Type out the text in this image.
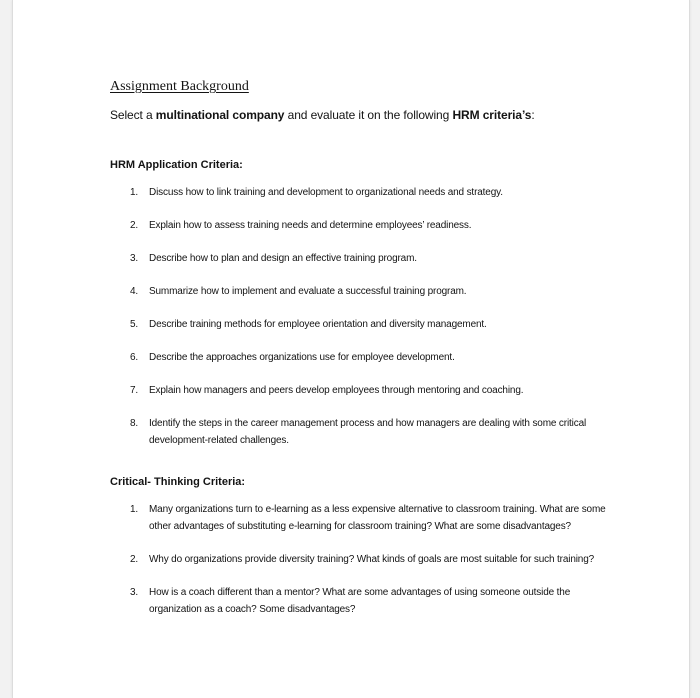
Assignment Background

Select a multinational company and evaluate it on the following HRM criteria’s:

HRM Application Criteria:
1. Discuss how to link training and development to organizational needs and strategy.
2. Explain how to assess training needs and determine employees’ readiness.
3. Describe how to plan and design an effective training program.
4. Summarize how to implement and evaluate a successful training program.
5. Describe training methods for employee orientation and diversity management.
6. Describe the approaches organizations use for employee development.
7. Explain how managers and peers develop employees through mentoring and coaching.
8. Identify the steps in the career management process and how managers are dealing with some critical development-related challenges.
Critical- Thinking Criteria:
1. Many organizations turn to e-learning as a less expensive alternative to classroom training. What are some other advantages of substituting e-learning for classroom training? What are some disadvantages?
2. Why do organizations provide diversity training? What kinds of goals are most suitable for such training?
3. How is a coach different than a mentor? What are some advantages of using someone outside the organization as a coach? Some disadvantages?
